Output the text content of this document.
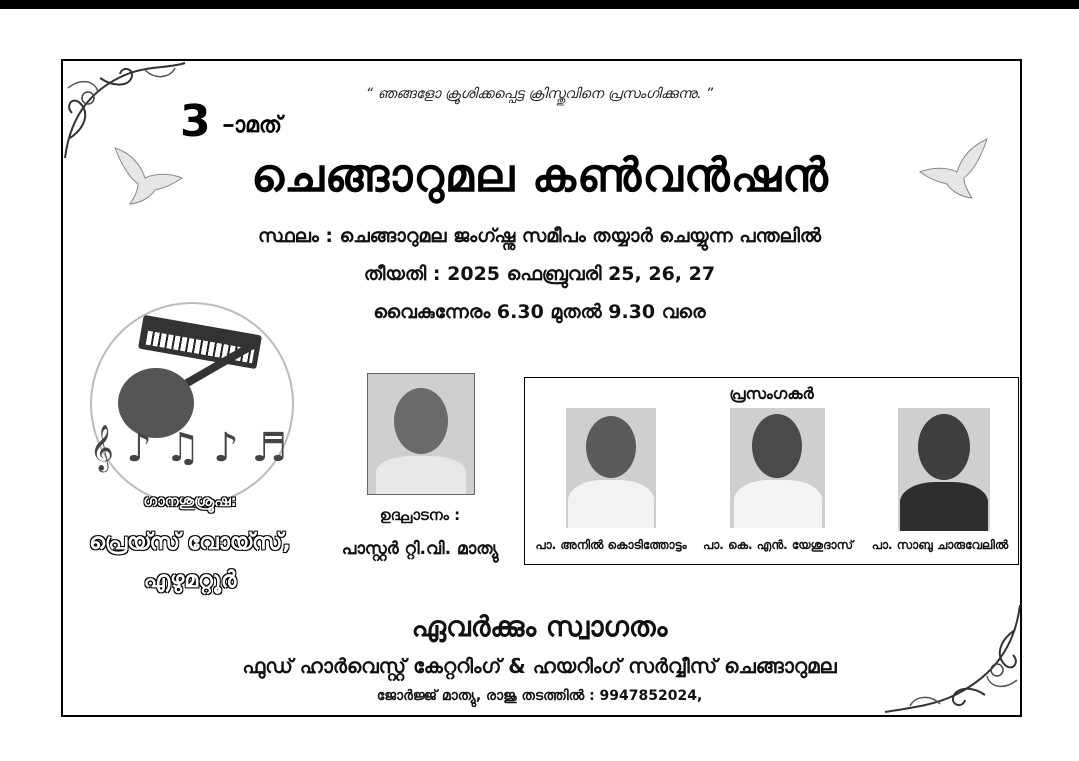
“ ഞങ്ങളോ ക്രൂശിക്കപ്പെട്ട ക്രിസ്തുവിനെ പ്രസംഗിക്കുന്നു. ”
3 –ാമത്
ചെങ്ങാറുമല കൺവൻഷൻ
സ്ഥലം : ചെങ്ങാറുമല ജംഗ്ഷ്നു സമീപം തയ്യാർ ചെയ്യുന്ന പന്തലിൽ
തീയതി : 2025 ഫെബ്രുവരി 25, 26, 27
വൈകുന്നേരം 6.30 മുതൽ 9.30 വരെ
𝄞 ♪ ♫ ♪ ♬
ഗാനശുശ്രൂഷ:
പ്രെയ്സ് വോയ്സ്,
എഴുമറ്റൂർ
ഉദ്ഘാടനം :
പാസ്റ്റർ റ്റി.വി. മാത്യു
പ്രസംഗകർ
പാ. അനിൽ കൊടിത്തോട്ടം	പാ. കെ. എൻ. യേശുദാസ്	പാ. സാബു ചാരുവേലിൽ
ഏവർക്കും സ്വാഗതം
ഫുഡ് ഹാർവെസ്റ്റ് കേറ്ററിംഗ് & ഹയറിംഗ് സർവ്വീസ് ചെങ്ങാറുമല
ജോർജ്ജ് മാത്യു, രാജു തടത്തിൽ : 9947852024,
